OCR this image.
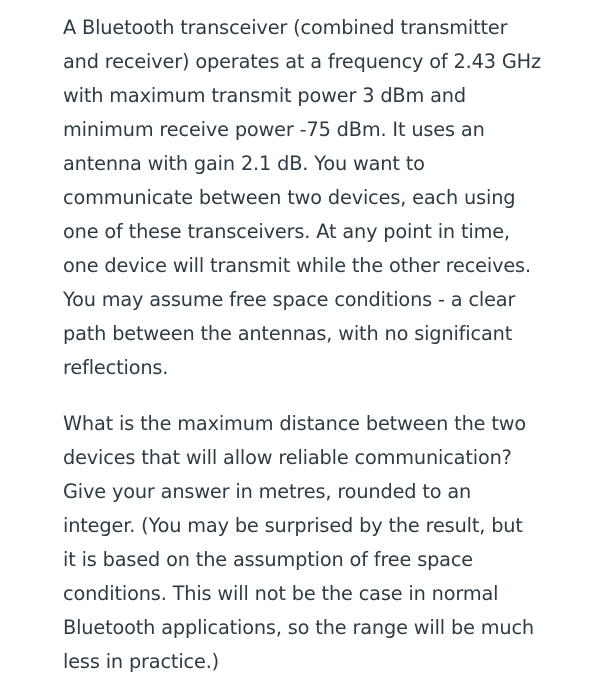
A Bluetooth transceiver (combined transmitter
and receiver) operates at a frequency of 2.43 GHz
with maximum transmit power 3 dBm and
minimum receive power -75 dBm. It uses an
antenna with gain 2.1 dB. You want to
communicate between two devices, each using
one of these transceivers. At any point in time,
one device will transmit while the other receives.
You may assume free space conditions - a clear
path between the antennas, with no significant
reflections.
What is the maximum distance between the two
devices that will allow reliable communication?
Give your answer in metres, rounded to an
integer. (You may be surprised by the result, but
it is based on the assumption of free space
conditions. This will not be the case in normal
Bluetooth applications, so the range will be much
less in practice.)
